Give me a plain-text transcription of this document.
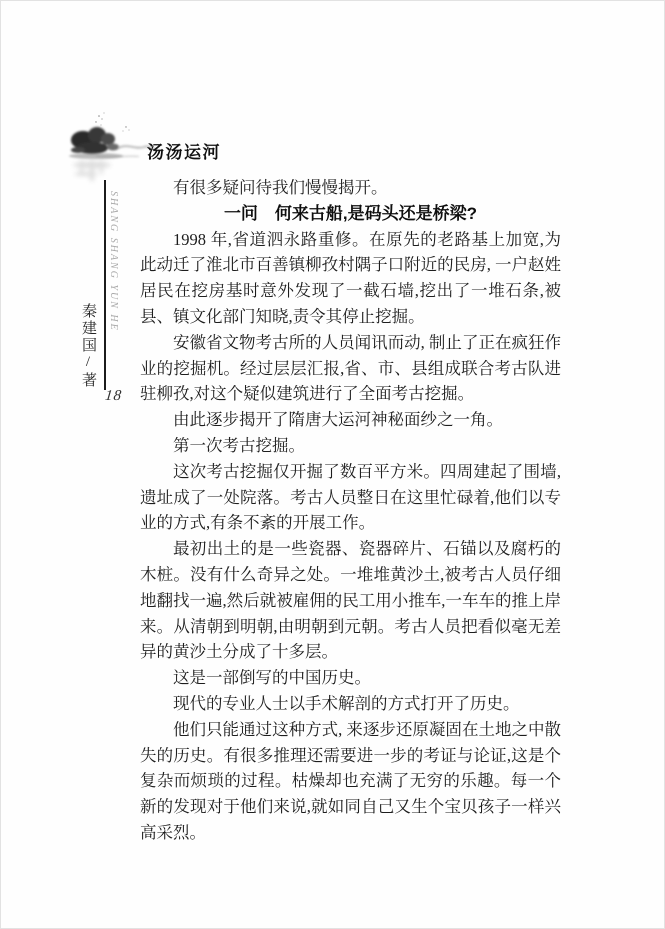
汤汤运河
SHANG SHANG YUN HE
秦建国/著
18

有很多疑问待我们慢慢揭开。

一问　何来古船,是码头还是桥梁?

1998 年,省道泗永路重修。在原先的老路基上加宽,为此动迁了淮北市百善镇柳孜村隅子口附近的民房, 一户赵姓居民在挖房基时意外发现了一截石墙,挖出了一堆石条,被县、镇文化部门知晓,责令其停止挖掘。

安徽省文物考古所的人员闻讯而动, 制止了正在疯狂作业的挖掘机。经过层层汇报,省、市、县组成联合考古队进驻柳孜,对这个疑似建筑进行了全面考古挖掘。

由此逐步揭开了隋唐大运河神秘面纱之一角。

第一次考古挖掘。

这次考古挖掘仅开掘了数百平方米。四周建起了围墙,遗址成了一处院落。考古人员整日在这里忙碌着,他们以专业的方式,有条不紊的开展工作。

最初出土的是一些瓷器、瓷器碎片、石锚以及腐朽的木桩。没有什么奇异之处。一堆堆黄沙土,被考古人员仔细地翻找一遍,然后就被雇佣的民工用小推车,一车车的推上岸来。从清朝到明朝,由明朝到元朝。考古人员把看似毫无差异的黄沙土分成了十多层。

这是一部倒写的中国历史。

现代的专业人士以手术解剖的方式打开了历史。

他们只能通过这种方式, 来逐步还原凝固在土地之中散失的历史。有很多推理还需要进一步的考证与论证,这是个复杂而烦琐的过程。枯燥却也充满了无穷的乐趣。每一个新的发现对于他们来说,就如同自己又生个宝贝孩子一样兴高采烈。
